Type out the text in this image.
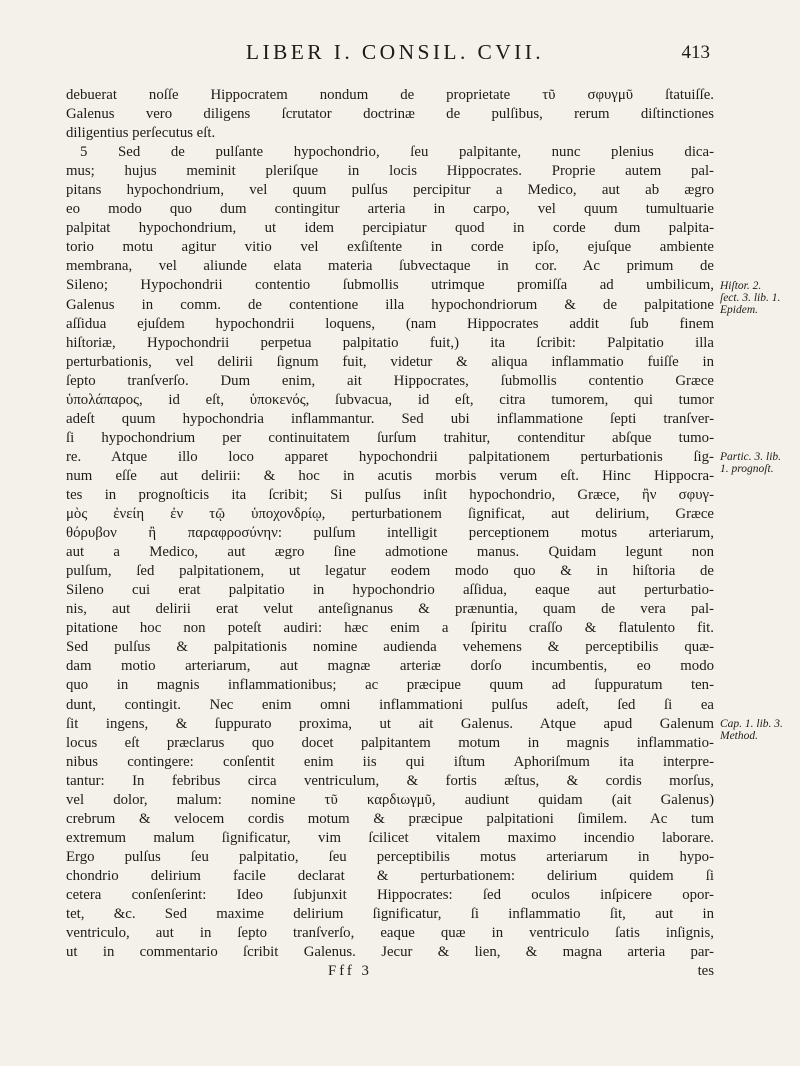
LIBER I. CONSIL. CVII.	413
debuerat noſſe Hippocratem nondum de proprietate τῦ σφυγμῦ ſtatuiſſe.
Galenus vero diligens ſcrutator doctrinæ de pulſibus, rerum diſtinctiones
diligentius perſecutus eſt.
5 Sed de pulſante hypochondrio, ſeu palpitante, nunc plenius dica-
mus; hujus meminit pleriſque in locis Hippocrates. Proprie autem pal-
pitans hypochondrium, vel quum pulſus percipitur a Medico, aut ab ægro
eo modo quo dum contingitur arteria in carpo, vel quum tumultuarie
palpitat hypochondrium, ut idem percipiatur quod in corde dum palpita-
torio motu agitur vitio vel exſiſtente in corde ipſo, ejuſque ambiente
membrana, vel aliunde elata materia ſubvectaque in cor. Ac primum de
Sileno; Hypochondrii contentio ſubmollis utrimque promiſſa ad umbilicum,
Galenus in comm. de contentione illa hypochondriorum & de palpitatione
aſſidua ejuſdem hypochondrii loquens, (nam Hippocrates addit ſub finem
hiſtoriæ, Hypochondrii perpetua palpitatio fuit,) ita ſcribit: Palpitatio illa
perturbationis, vel delirii ſignum fuit, videtur & aliqua inflammatio fuiſſe in
ſepto tranſverſo. Dum enim, ait Hippocrates, ſubmollis contentio Græce
ὑπολάπαρος, id eſt, ὑποκενός, ſubvacua, id eſt, citra tumorem, qui tumor
adeſt quum hypochondria inflammantur. Sed ubi inflammatione ſepti tranſver-
ſi hypochondrium per continuitatem ſurſum trahitur, contenditur abſque tumo-
re. Atque illo loco apparet hypochondrii palpitationem perturbationis ſig-
num eſſe aut delirii: & hoc in acutis morbis verum eſt. Hinc Hippocra-
tes in prognoſticis ita ſcribit; Si pulſus inſit hypochondrio, Græce, ἢν σφυγ-
μὸς ἐνείη ἐν τῷ ὑποχονδρίῳ, perturbationem ſignificat, aut delirium, Græce
θόρυβον ἢ παραφροσύνην: pulſum intelligit perceptionem motus arteriarum,
aut a Medico, aut ægro ſine admotione manus. Quidam legunt non
pulſum, ſed palpitationem, ut legatur eodem modo quo & in hiſtoria de
Sileno cui erat palpitatio in hypochondrio aſſidua, eaque aut perturbatio-
nis, aut delirii erat velut anteſignanus & prænuntia, quam de vera pal-
pitatione hoc non poteſt audiri: hæc enim a ſpiritu craſſo & flatulento fit.
Sed pulſus & palpitationis nomine audienda vehemens & perceptibilis quæ-
dam motio arteriarum, aut magnæ arteriæ dorſo incumbentis, eo modo
quo in magnis inflammationibus; ac præcipue quum ad ſuppuratum ten-
dunt, contingit. Nec enim omni inflammationi pulſus adeſt, ſed ſi ea
ſit ingens, & ſuppurato proxima, ut ait Galenus. Atque apud Galenum
locus eſt præclarus quo docet palpitantem motum in magnis inflammatio-
nibus contingere: conſentit enim iis qui iſtum Aphoriſmum ita interpre-
tantur: In febribus circa ventriculum, & fortis æſtus, & cordis morſus,
vel dolor, malum: nomine τῦ καρδιωγμῦ, audiunt quidam (ait Galenus)
crebrum & velocem cordis motum & præcipue palpitationi ſimilem. Ac tum
extremum malum ſignificatur, vim ſcilicet vitalem maximo incendio laborare.
Ergo pulſus ſeu palpitatio, ſeu perceptibilis motus arteriarum in hypo-
chondrio delirium facile declarat & perturbationem: delirium quidem ſi
cetera conſenſerint: Ideo ſubjunxit Hippocrates: ſed oculos inſpicere opor-
tet, &c. Sed maxime delirium ſignificatur, ſi inflammatio ſit, aut in
ventriculo, aut in ſepto tranſverſo, eaque quæ in ventriculo ſatis inſignis,
ut in commentario ſcribit Galenus. Jecur & lien, & magna arteria par-
Fff 3	tes
Hiſtor. 2.
ſect. 3. lib. 1.
Epidem.
Partic. 3. lib.
1. prognoſt.
Cap. 1. lib. 3.
Method.
